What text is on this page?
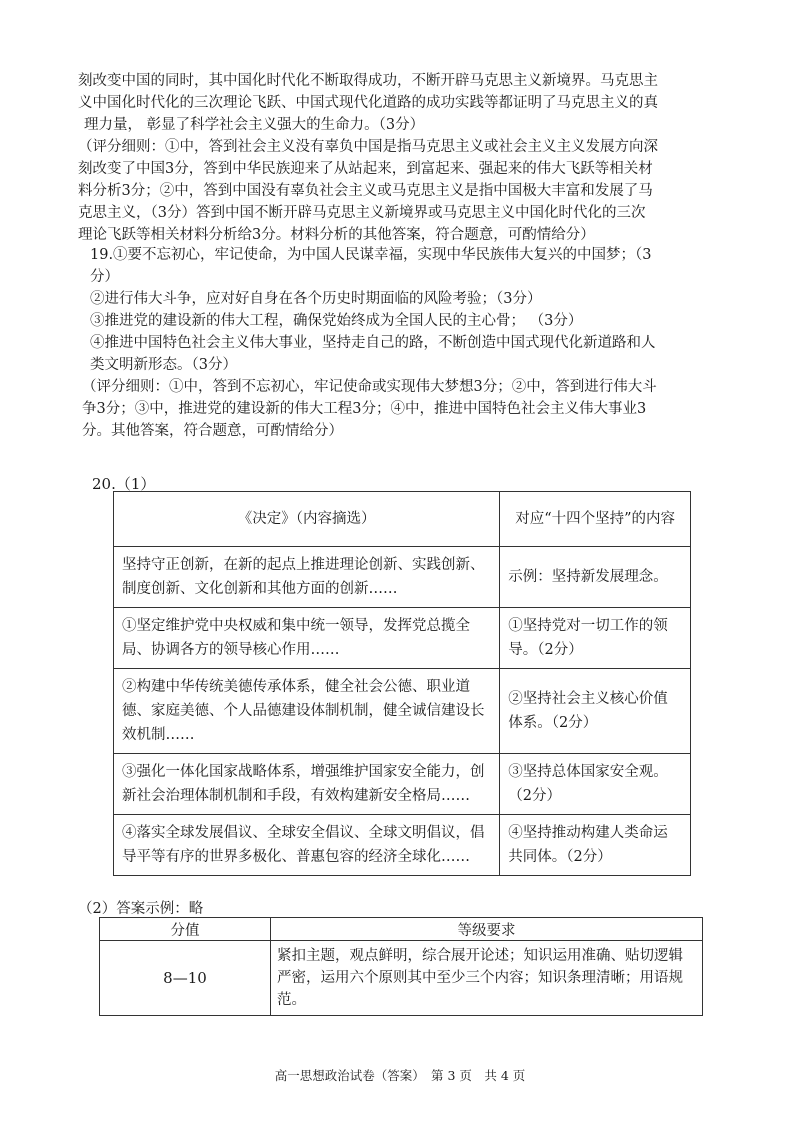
刻改变中国的同时，其中国化时代化不断取得成功，不断开辟马克思主义新境界。马克思主

义中国化时代化的三次理论飞跃、中国式现代化道路的成功实践等都证明了马克思主义的真

理力量， 彰显了科学社会主义强大的生命力。（3分）

（评分细则：①中，答到社会主义没有辜负中国是指马克思主义或社会主义主义发展方向深

刻改变了中国3分，答到中华民族迎来了从站起来，到富起来、强起来的伟大飞跃等相关材

料分析3分；②中，答到中国没有辜负社会主义或马克思主义是指中国极大丰富和发展了马

克思主义，（3分）答到中国不断开辟马克思主义新境界或马克思主义中国化时代化的三次

理论飞跃等相关材料分析给3分。材料分析的其他答案，符合题意，可酌情给分）

19.①要不忘初心，牢记使命，为中国人民谋幸福，实现中华民族伟大复兴的中国梦；（3

分）

②进行伟大斗争，应对好自身在各个历史时期面临的风险考验；（3分）

③推进党的建设新的伟大工程，确保党始终成为全国人民的主心骨； （3分）

④推进中国特色社会主义伟大事业，坚持走自己的路，不断创造中国式现代化新道路和人

类文明新形态。（3分）

（评分细则：①中，答到不忘初心，牢记使命或实现伟大梦想3分；②中，答到进行伟大斗

争3分；③中，推进党的建设新的伟大工程3分；④中，推进中国特色社会主义伟大事业3

分。其他答案，符合题意，可酌情给分）

20.（1）
《决定》（内容摘选）	对应“十四个坚持”的内容
坚持守正创新，在新的起点上推进理论创新、实践创新、制度创新、文化创新和其他方面的创新……	示例：坚持新发展理念。
①坚定维护党中央权威和集中统一领导，发挥党总揽全局、协调各方的领导核心作用……	①坚持党对一切工作的领导。（2分）
②构建中华传统美德传承体系，健全社会公德、职业道德、家庭美德、个人品德建设体制机制，健全诚信建设长效机制……	②坚持社会主义核心价值体系。（2分）
③强化一体化国家战略体系，增强维护国家安全能力，创新社会治理体制机制和手段，有效构建新安全格局……	③坚持总体国家安全观。（2分）
④落实全球发展倡议、全球安全倡议、全球文明倡议，倡导平等有序的世界多极化、普惠包容的经济全球化……	④坚持推动构建人类命运共同体。（2分）
（2）答案示例：略
分值	等级要求
8—10	紧扣主题，观点鲜明，综合展开论述；知识运用准确、贴切逻辑严密，运用六个原则其中至少三个内容；知识条理清晰；用语规范。
高一思想政治试卷（答案）　第 3 页　共 4 页
